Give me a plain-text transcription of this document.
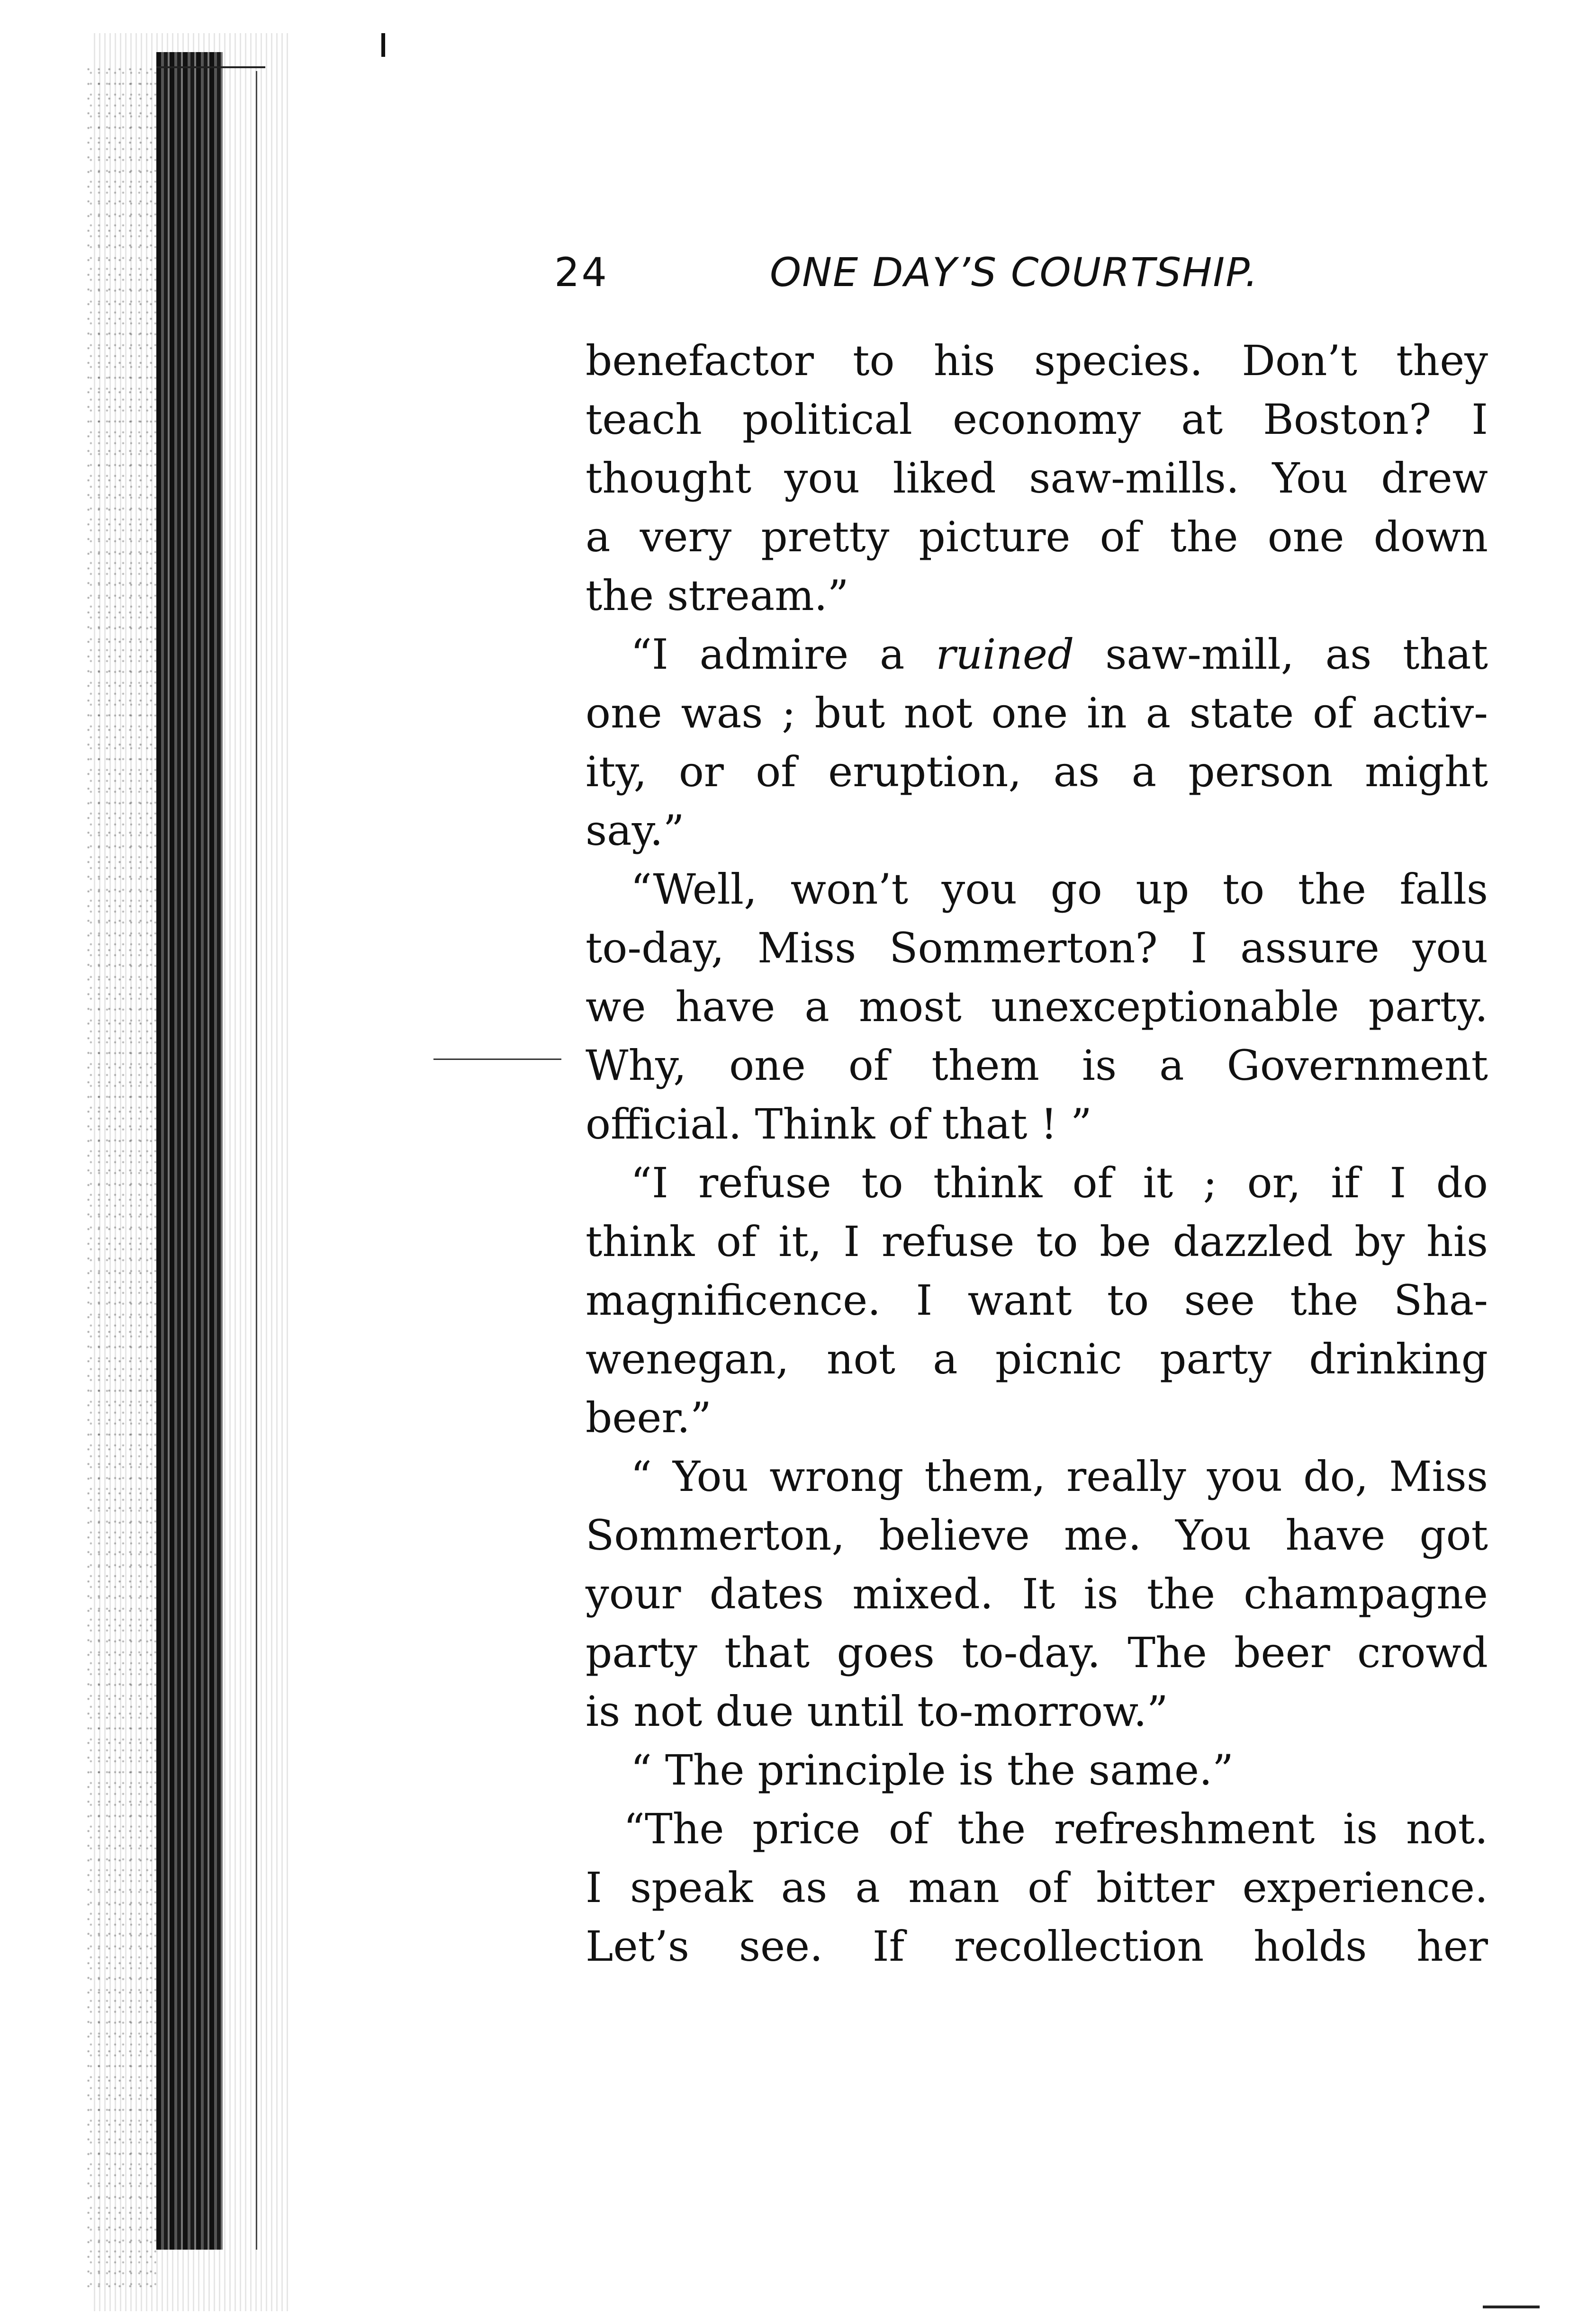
24	ONE DAY’S COURTSHIP.
benefactor to his species. Don’t they
teach political economy at Boston? I
thought you liked saw-mills. You drew
a very pretty picture of the one down
the stream.”
“I admire a ruined saw-mill, as that
one was ; but not one in a state of activ-
ity, or of eruption, as a person might
say.”
“Well, won’t you go up to the falls
to-day, Miss Sommerton? I assure you
we have a most unexceptionable party.
Why, one of them is a Government
official. Think of that ! ”
“I refuse to think of it ; or, if I do
think of it, I refuse to be dazzled by his
magnificence. I want to see the Sha-
wenegan, not a picnic party drinking
beer.”
“ You wrong them, really you do, Miss
Sommerton, believe me. You have got
your dates mixed. It is the champagne
party that goes to-day. The beer crowd
is not due until to-morrow.”
“ The principle is the same.”
“The price of the refreshment is not.
I speak as a man of bitter experience.
Let’s see. If recollection holds her
